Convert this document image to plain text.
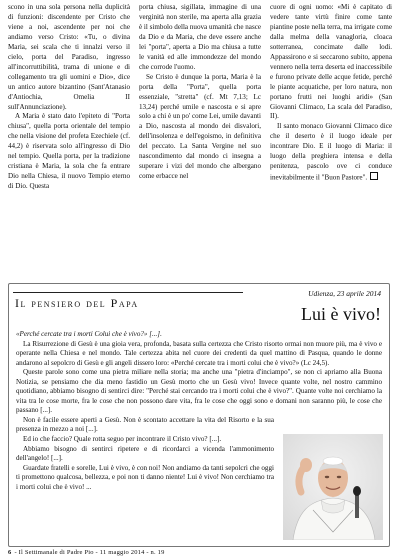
scono in una sola persona nella duplicità di funzioni: discendente per Cristo che viene a noi, ascendente per noi che andiamo verso Cristo: «Tu, o divina Maria, sei scala che ti innalzi verso il cielo, porta del Paradiso, ingresso all'incorruttibilità, trama di unione e di collegamento tra gli uomini e Dio», dice un antico autore bizantino (Sant'Atanasio d'Antiochia, Omelia II sull'Annunciazione).

A Maria è stato dato l'epiteto di "Porta chiusa", quella porta orientale del tempio che nella visione del profeta Ezechiele (cf. 44,2) è riservata solo all'ingresso di Dio nel tempio. Quella porta, per la tradizione cristiana è Maria, la sola che fa entrare Dio nella Chiesa, il nuovo Tempio eterno di Dio. Questa

porta chiusa, sigillata, immagine di una verginità non sterile, ma aperta alla grazia è il simbolo della nuova umanità che nasce da Dio e da Maria, che deve essere anche lei "porta", aperta a Dio ma chiusa a tutte le vanità ed alle immondezze del mondo che corrode l'uomo.

Se Cristo è dunque la porta, Maria è la porta della "Porta", quella porta essenziale, "stretta" (cf. Mt 7,13; Lc 13,24) perché umile e nascosta e si apre solo a chi è un po' come Lei, umile davanti a Dio, nascosta al mondo dei disvalori, dell'insolenza e dell'egoismo, in definitiva del peccato. La Santa Vergine nel suo nascondimento dal mondo ci insegna a superare i vizi del mondo che albergano come erbacce nel

cuore di ogni uomo: «Mi è capitato di vedere tante virtù finire come tante piantine poste nella terra, ma irrigate come dalla melma della vanagloria, cloaca sotterranea, concimate dalle lodi. Appassirono e si seccarono subito, appena vennero nella terra deserta ed inaccessibile e furono private delle acque fetide, perché le piante acquatiche, per loro natura, non portano frutti nei luoghi aridi» (San Giovanni Climaco, La scala del Paradiso, II).

Il santo monaco Giovanni Climaco dice che il deserto è il luogo ideale per incontrare Dio. E il luogo di Maria: il luogo della preghiera intensa e della penitenza, pascolo ove ci conduce inevitabilmente il "Buon Pastore".

Il pensiero del Papa
Udienza, 23 aprile 2014
Lui è vivo!

«Perché cercate tra i morti Colui che è vivo?» [...].

La Risurrezione di Gesù è una gioia vera, profonda, basata sulla certezza che Cristo risorto ormai non muore più, ma è vivo e operante nella Chiesa e nel mondo. Tale certezza abita nel cuore dei credenti da quel mattino di Pasqua, quando le donne andarono al sepolcro di Gesù e gli angeli dissero loro: «Perché cercate tra i morti colui che è vivo?» (Lc 24,5).

Queste parole sono come una pietra miliare nella storia; ma anche una "pietra d'inciampo", se non ci apriamo alla Buona Notizia, se pensiamo che dia meno fastidio un Gesù morto che un Gesù vivo! Invece quante volte, nel nostro cammino quotidiano, abbiamo bisogno di sentirci dire: "Perché stai cercando tra i morti colui che è vivo?". Quante volte noi cerchiamo la vita tra le cose morte, fra le cose che non possono dare vita, fra le cose che oggi sono e domani non saranno più, le cose che passano [...].

Non è facile essere aperti a Gesù. Non è scontato accettare la vita del Risorto e la sua presenza in mezzo a noi [...].

Ed io che faccio? Quale rotta seguo per incontrare il Cristo vivo? [...].

Abbiamo bisogno di sentirci ripetere e di ricordarci a vicenda l'ammonimento dell'angelo! [...].

Guardate fratelli e sorelle, Lui è vivo, è con noi! Non andiamo da tanti sepolcri che oggi ti promettono qualcosa, bellezza, e poi non ti danno niente! Lui è vivo! Non cerchiamo tra i morti colui che è vivo! ...

6 - Il Settimanale di Padre Pio - 11 maggio 2014 - n. 19
